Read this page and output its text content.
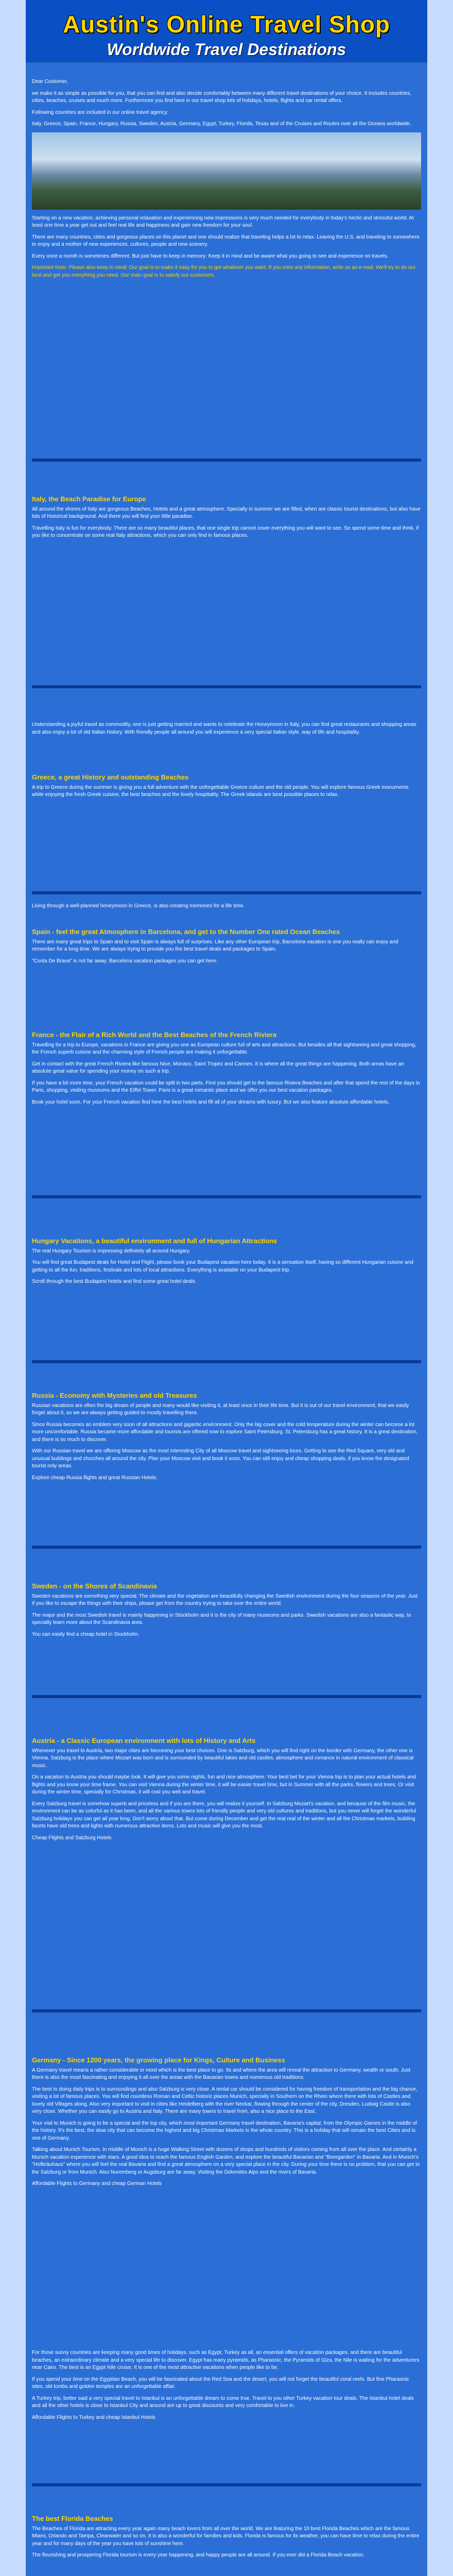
Austin's Online Travel Shop
Worldwide Travel Destinations

Dear Customer,

we make it as simple as possible for you, that you can find and also decide comfortably between many different travel destinations of your choice. It includes countries, cities, beaches, cruises and much more. Furthermore you find here in our travel shop lots of holidays, hotels, flights and car rental offers.

Following countries are included in our online travel agency:

Italy, Greece, Spain, France, Hungary, Russia, Sweden, Austria, Germany, Egypt, Turkey, Florida, Texas and of the Cruises and Routes over all the Oceans worldwide.

Starting on a new vacation, achieving personal relaxation and experiencing new impressions is very much needed for everybody in today's hectic and stressful world. At least one time a year get out and feel real life and happiness and gain new freedom for your soul.

There are many countries, cities and gorgeous places on this planet and one should realize that traveling helps a lot to relax. Leaving the U.S. and traveling to somewhere to enjoy and a mother of new experiences, cultures, people and new scenery.

Every once a month is sometimes different. But just have to keep in memory: Keep it in mind and be aware what you going to see and experience on travels.

Important Note: Please also keep in mind: Our goal is to make it easy for you to get whatever you want. If you miss any information, write us an e-mail. We'll try to do our best and get you everything you need. Our main goal is to satisfy our customers.

Italy, the Beach Paradise for Europe

All around the shores of Italy are gorgeous Beaches, Hotels and a great atmosphere. Specially in summer we are filled, when are classic tourist destinations, but also have lots of historical background. And there you will find your little paradise.

Travelling Italy is fun for everybody. There are so many beautiful places, that one single trip cannot cover everything you will want to see. So spend some time and think, if you like to concentrate on some real Italy attractions, which you can only find in famous places.

Understanding a joyful travel as commodity, one is just getting married and wants to celebrate the Honeymoon in Italy, you can find great restaurants and shopping areas and also enjoy a lot of old Italian history. With friendly people all around you will experience a very special Italian style, way of life and hospitality.

Greece, a great History and outstanding Beaches

A trip to Greece during the summer is giving you a full adventure with the unforgettable Greece culture and the old people. You will explore famous Greek monuments while enjoying the fresh Greek cuisine, the best beaches and the lovely hospitality. The Greek islands are best possible places to relax.

Living through a well-planned honeymoon in Greece, is also creating memories for a life time.

Spain - feel the great Atmosphere in Barcelona, and get to the Number One rated Ocean Beaches

There are many great trips to Spain and to visit Spain is always full of surprises. Like any other European trip, Barcelona vacation is one you really can enjoy and remember for a long time. We are always trying to provide you the best travel deals and packages to Spain.

"Costa De Brava" is not far away. Barcelona vacation packages you can get here.

France - the Flair of a Rich World and the Best Beaches of the French Riviera

Travelling for a trip to Europe, vacations in France are giving you one as European culture full of arts and attractions. But besides all that sightseeing and great shopping, the French superb cuisine and the charming style of French people are making it unforgettable.

Get in contact with the great French Riviera like famous Nice, Monaco, Saint Tropez and Cannes. It is where all the great things are happening. Both areas have an absolute great value for spending your money on such a trip.

If you have a bit more time, your French vacation could be split in two parts. First you should get to the famous Riviera Beaches and after that spend the rest of the days in Paris, shopping, visiting museums and the Eiffel Tower. Paris is a great romantic place and we offer you our best vacation packages.

Book your hotel soon. For your French vacation find here the best hotels and fill all of your dreams with luxury. But we also feature absolute affordable hotels.

Hungary Vacations, a beautiful environment and full of Hungarian Attractions

The real Hungary Tourism is impressing definitely all around Hungary.

You will find great Budapest deals for Hotel and Flight, please book your Budapest vacation here today. It is a sensation itself, having so different Hungarian cuisine and getting to all the fun, traditions, festivals and lots of local attractions. Everything is available on your Budapest trip.

Scroll through the best Budapest hotels and find some great hotel deals.

Russia - Economy with Mysteries and old Treasures

Russian vacations are often the big dream of people and many would like visiting it, at least once in their life time. But it is out of our travel environment, that we easily forget about it, so we are always getting guided to mostly travelling there.

Since Russia becomes an emblem very soon of all attractions and gigantic environment. Only the big cover and the cold temperature during the winter can become a lot more uncomfortable. Russia became more affordable and tourists are offered now to explore Saint Petersburg. St. Petersburg has a great history. It is a great destination, and there is so much to discover.

With our Russian travel we are offering Moscow as the most interesting City of all Moscow travel and sightseeing tours. Getting to see the Red Square, very old and unusual buildings and churches all around the city. Plan your Moscow visit and book it soon. You can still enjoy and cheap shopping deals, if you know the designated tourist only areas.

Explore cheap Russia flights and great Russian Hotels.

Sweden - on the Shores of Scandinavia

Sweden vacations are something very special. The climate and the vegetation are beautifully changing the Swedish environment during the four seasons of the year. Just if you like to escape the things with their ships, please get from the country trying to take over the entire world.

The major and the most Swedish travel is mainly happening in Stockholm and it is the city of many museums and parks. Swedish vacations are also a fantastic way, to specially learn more about the Scandinavia area.

You can easily find a cheap hotel in Stockholm.

Austria - a Classic European environment with lots of History and Arts

Whenever you travel to Austria, two major cities are becoming your best choices. One is Salzburg, which you will find right on the border with Germany, the other one is Vienna. Salzburg is the place where Mozart was born and is surrounded by beautiful lakes and old castles, atmosphere and romance in natural environment of classical music.

On a vacation to Austria you should maybe look. It will give you some nights, fun and nice atmosphere. Your best bet for your Vienna trip is to plan your actual hotels and flights and you know your time frame. You can visit Vienna during the winter time, it will be easier travel time, but in Summer with all the parks, flowers and trees. Or visit during the winter time, specially for Christmas, it will cost you well and travel.

Every Salzburg travel is somehow superb and priceless and if you are there, you will realize it yourself. In Salzburg Mozart's vacation, and because of the film music, the environment can be as colorful as it has been, and all the various towns lots of friendly people and very old cultures and traditions, but you never will forget the wonderful Salzburg holidays you can get all year long. Don't worry about that. But come during December and get the real real of the winter and all the Christmas markets, building facets have old trees and lights with numerous attractive items. Lots and music will give you the most.

Cheap Flights and Salzburg Hotels

Germany - Since 1200 years, the growing place for Kings, Culture and Business

A Germany travel means a rather considerable or most which is the best place to go. Its and where the area will reveal the attraction to Germany, wealth or south. Just there is also the most fascinating and enjoying it all over the areas with the Bavarian towns and numerous old traditions.

The best in doing daily trips is to surroundings and also Salzburg is very close. A rental car should be considered for having freedom of transportation and the big chance, visiting a lot of famous places. You will find countless Roman and Celtic historic places Munich, specially in Southern on the Rhein where there with lots of Castles and lovely old Villages along. Also very important to visit in cities like Heidelberg with the river Neckar, flowing through the center of the city, Dresden, Ludwig Castle is also very close. Whether you can easily go to Austria and Italy. There are many towns to travel from, also a nice place to the East.

Your visit to Munich is going to be a special and the top city, which most important Germany travel destination, Bavaria's capital, from the Olympic Games in the middle of the history. It's the best, the slow city that can become the highest and big Christmas Markets in the whole country. This is a holiday that will remain the best Cities and is one of Germany.

Talking about Munich Tourism. In middle of Munich is a huge Walking Street with dozens of shops and hundreds of visitors coming from all over the place. And certainly a Munich vacation experience with stars. A good idea to reach the famous English Garden, and explore the beautiful Bavarian and "Beergarden" in Bavaria. And in Munich's "Hofbräuhaus" where you will feel the real Bavaria and find a great atmosphere on a very special place in the city. During your time there is no problem, that you can get to the Salzburg or from Munich. Also Nuremberg or Augsburg are far away. Visiting the Dolomites Alps and the rivers of Bavaria.

Affordable Flights to Germany and cheap German Hotels

For those sunny countries are keeping many good times of holidays, such as Egypt, Turkey as all, an essential offers of vacation packages, and there are beautiful beaches, an extraordinary climate and a very special life to discover. Egypt has many pyramids, as Pharaonic, the Pyramids of Giza, the Nile is waiting for the adventurers near Cairo. The best is an Egypt Nile cruise. It is one of the most attractive vacations when people like to be.

If you spend your time on the Egyptian Beach, you will be fascinated about the Red Sea and the desert, you will not forget the beautiful coral reefs. But fine Pharaonic sites, old tombs and golden temples are an unforgettable affair.

A Turkey trip, better said a very special travel to Istanbul is an unforgettable dream to come true. Travel to you other Turkey vacation tour deals. The Istanbul hotel deals and all the other hotels is close to Istanbul City and around are up to great discounts and very comfortable to live in.

Affordable Flights to Turkey and cheap Istanbul Hotels

The best Florida Beaches

The Beaches of Florida are attracting every year again many beach lovers from all over the world. We are featuring the 10 best Florida Beaches which are the famous Miami, Orlando and Tampa, Clearwater and so on. It is also a wonderful for families and kids. Florida is famous for its weather, you can have time to relax during the entire year and for many days of the year you have lots of sunshine here.

The flourishing and prospering Florida tourism is every year happening, and happy people are all around. If you ever did a Florida Beach vacation.
